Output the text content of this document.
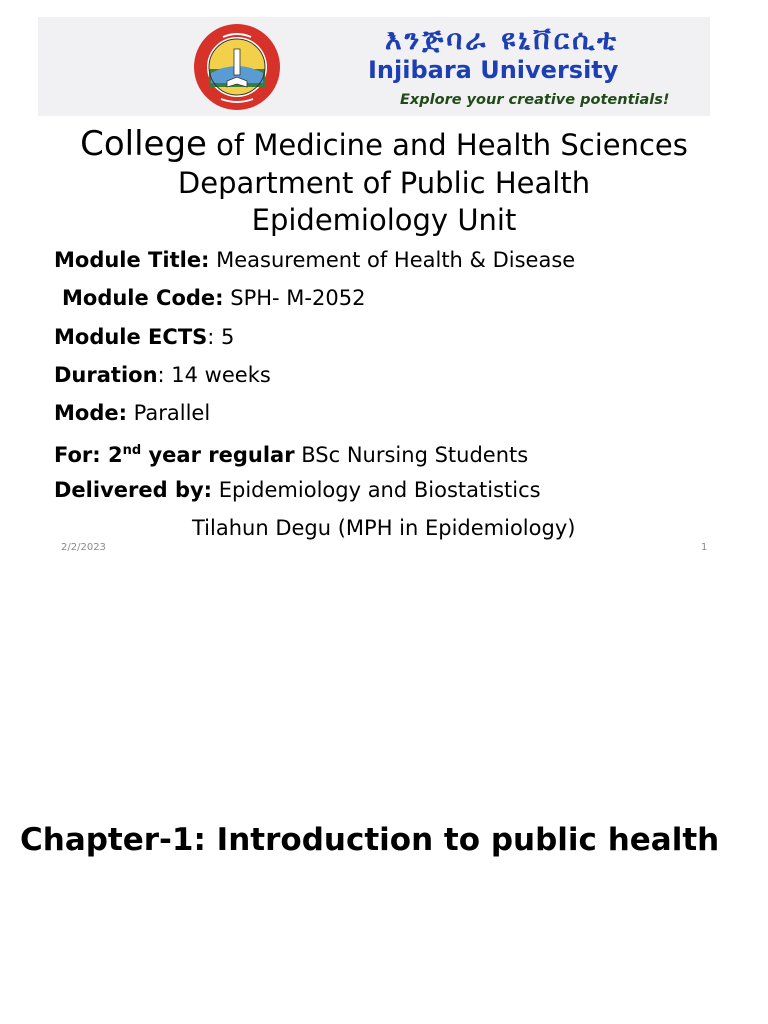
እንጅባራ ዩኒቨርሲቲ
Injibara University
Explore your creative potentials!
College of Medicine and Health Sciences
Department of Public Health
Epidemiology Unit
Module Title: Measurement of Health & Disease
Module Code: SPH- M-2052
Module ECTS: 5
Duration: 14 weeks
Mode: Parallel
For: 2nd year regular BSc Nursing Students
Delivered by: Epidemiology and Biostatistics
Tilahun Degu (MPH in Epidemiology)
2/2/2023	1
Chapter-1: Introduction to public health
